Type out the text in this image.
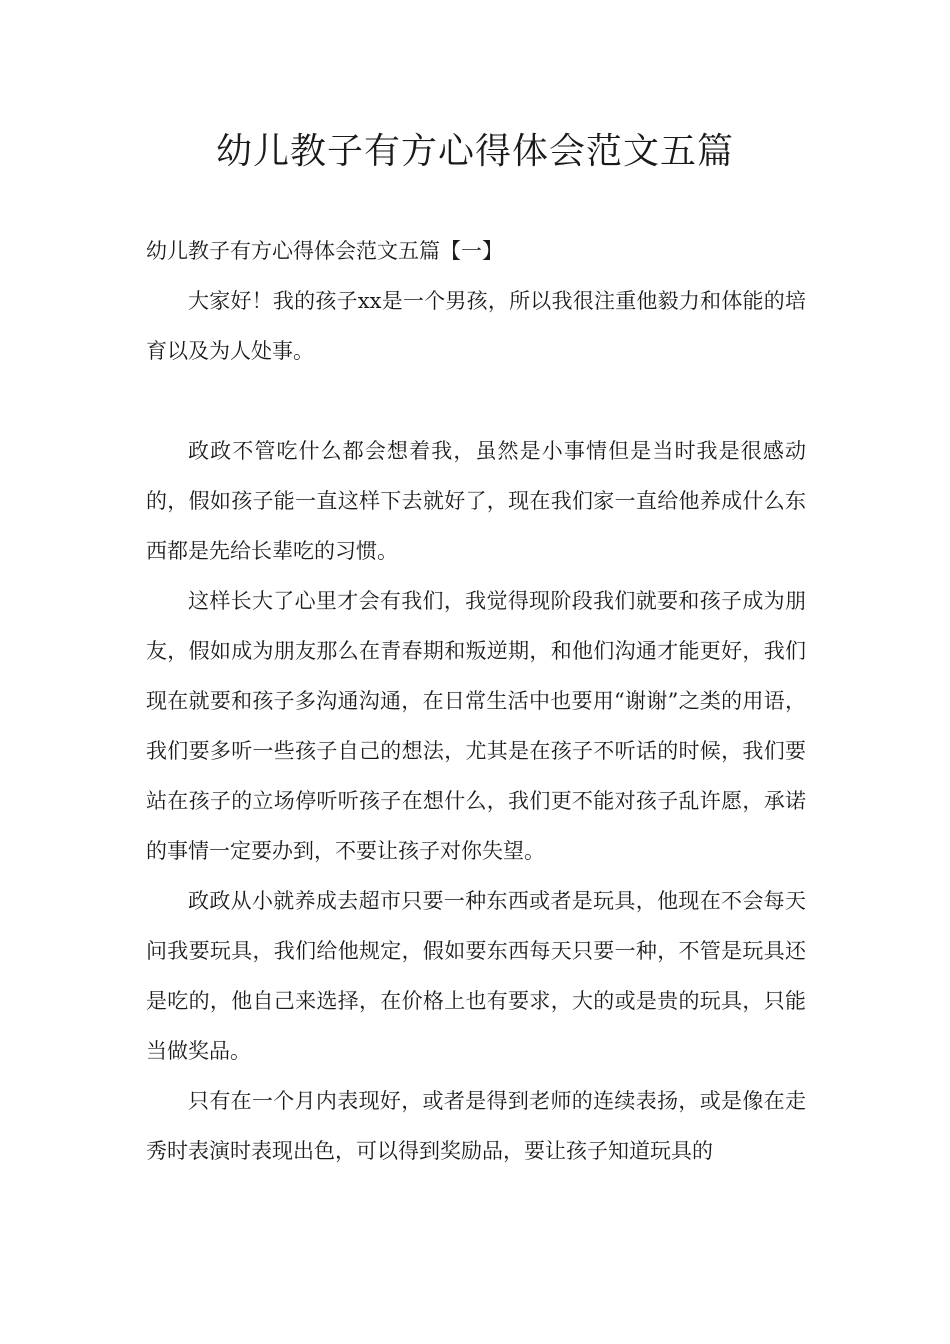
幼儿教子有方心得体会范文五篇

幼儿教子有方心得体会范文五篇【一】

大家好！我的孩子xx是一个男孩，所以我很注重他毅力和体能的培育以及为人处事。

政政不管吃什么都会想着我，虽然是小事情但是当时我是很感动的，假如孩子能一直这样下去就好了，现在我们家一直给他养成什么东西都是先给长辈吃的习惯。

这样长大了心里才会有我们，我觉得现阶段我们就要和孩子成为朋友，假如成为朋友那么在青春期和叛逆期，和他们沟通才能更好，我们现在就要和孩子多沟通沟通，在日常生活中也要用“谢谢”之类的用语，我们要多听一些孩子自己的想法，尤其是在孩子不听话的时候，我们要站在孩子的立场停听听孩子在想什么，我们更不能对孩子乱许愿，承诺的事情一定要办到，不要让孩子对你失望。

政政从小就养成去超市只要一种东西或者是玩具，他现在不会每天问我要玩具，我们给他规定，假如要东西每天只要一种，不管是玩具还是吃的，他自己来选择，在价格上也有要求，大的或是贵的玩具，只能当做奖品。

只有在一个月内表现好，或者是得到老师的连续表扬，或是像在走秀时表演时表现出色，可以得到奖励品，要让孩子知道玩具的
